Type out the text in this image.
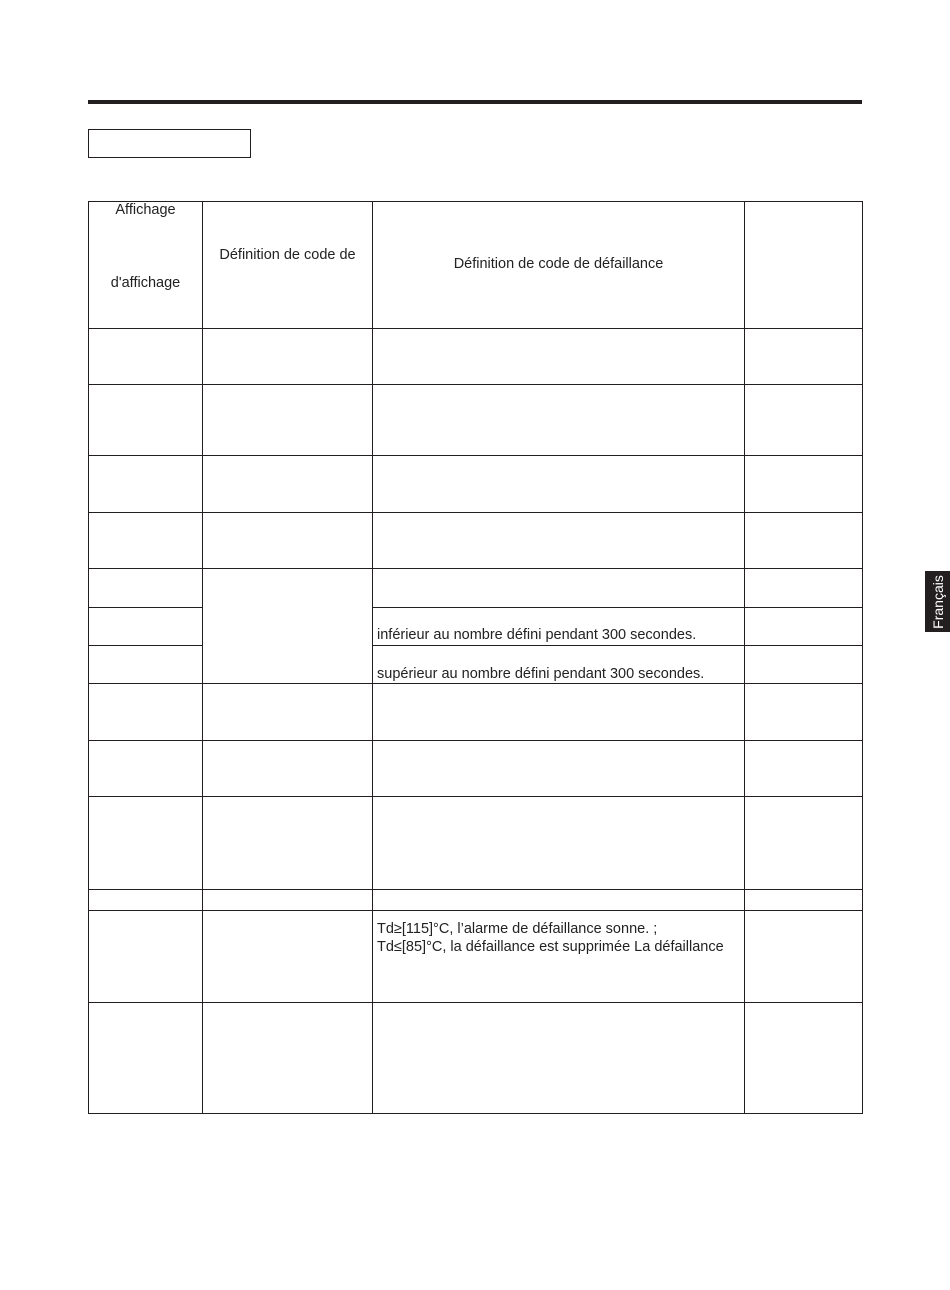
Affichage
d'affichage
Définition de code de
Définition de code de défaillance
inférieur au nombre défini pendant 300 secondes.
supérieur au nombre défini pendant 300 secondes.
Td≥[115]°C, l’alarme de défaillance sonne. ;
Td≤[85]°C, la défaillance est supprimée La défaillance
Français
